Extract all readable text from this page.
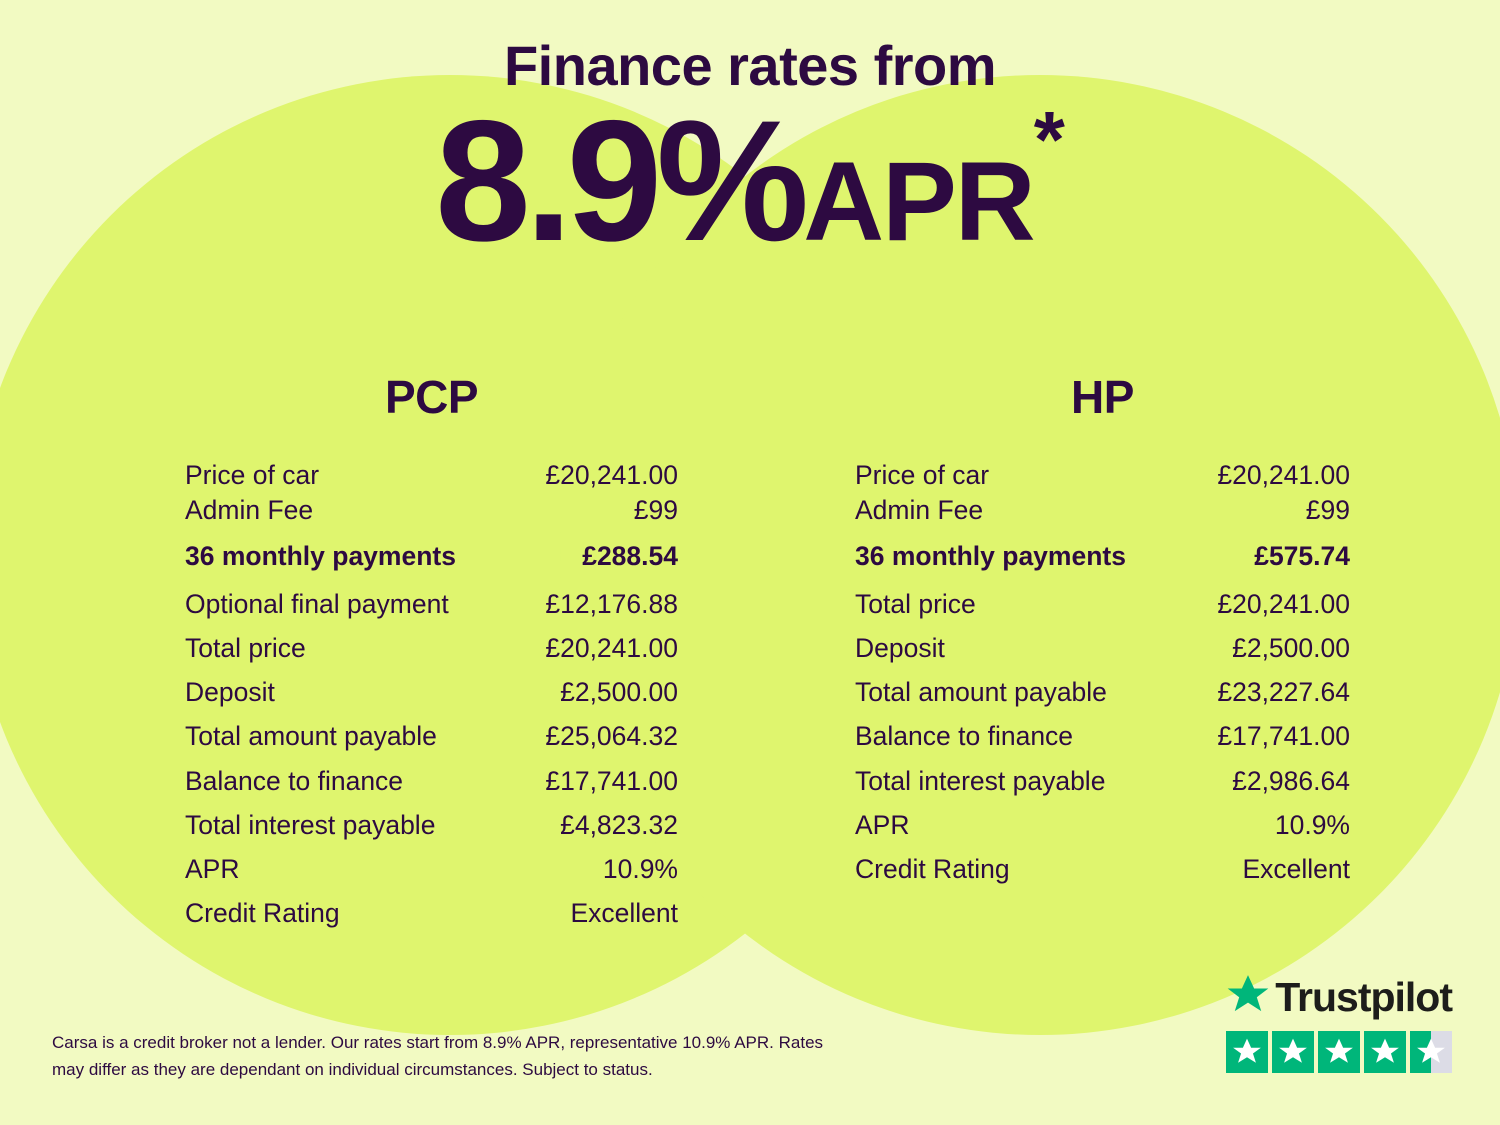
Finance rates from
8.9%APR*
PCP
Price of car	£20,241.00
Admin Fee	£99
36 monthly payments	£288.54
Optional final payment	£12,176.88
Total price	£20,241.00
Deposit	£2,500.00
Total amount payable	£25,064.32
Balance to finance	£17,741.00
Total interest payable	£4,823.32
APR	10.9%
Credit Rating	Excellent
HP
Price of car	£20,241.00
Admin Fee	£99
36 monthly payments	£575.74
Total price	£20,241.00
Deposit	£2,500.00
Total amount payable	£23,227.64
Balance to finance	£17,741.00
Total interest payable	£2,986.64
APR	10.9%
Credit Rating	Excellent
Carsa is a credit broker not a lender. Our rates start from 8.9% APR, representative 10.9% APR. Rates may differ as they are dependant on individual circumstances. Subject to status.
Trustpilot
